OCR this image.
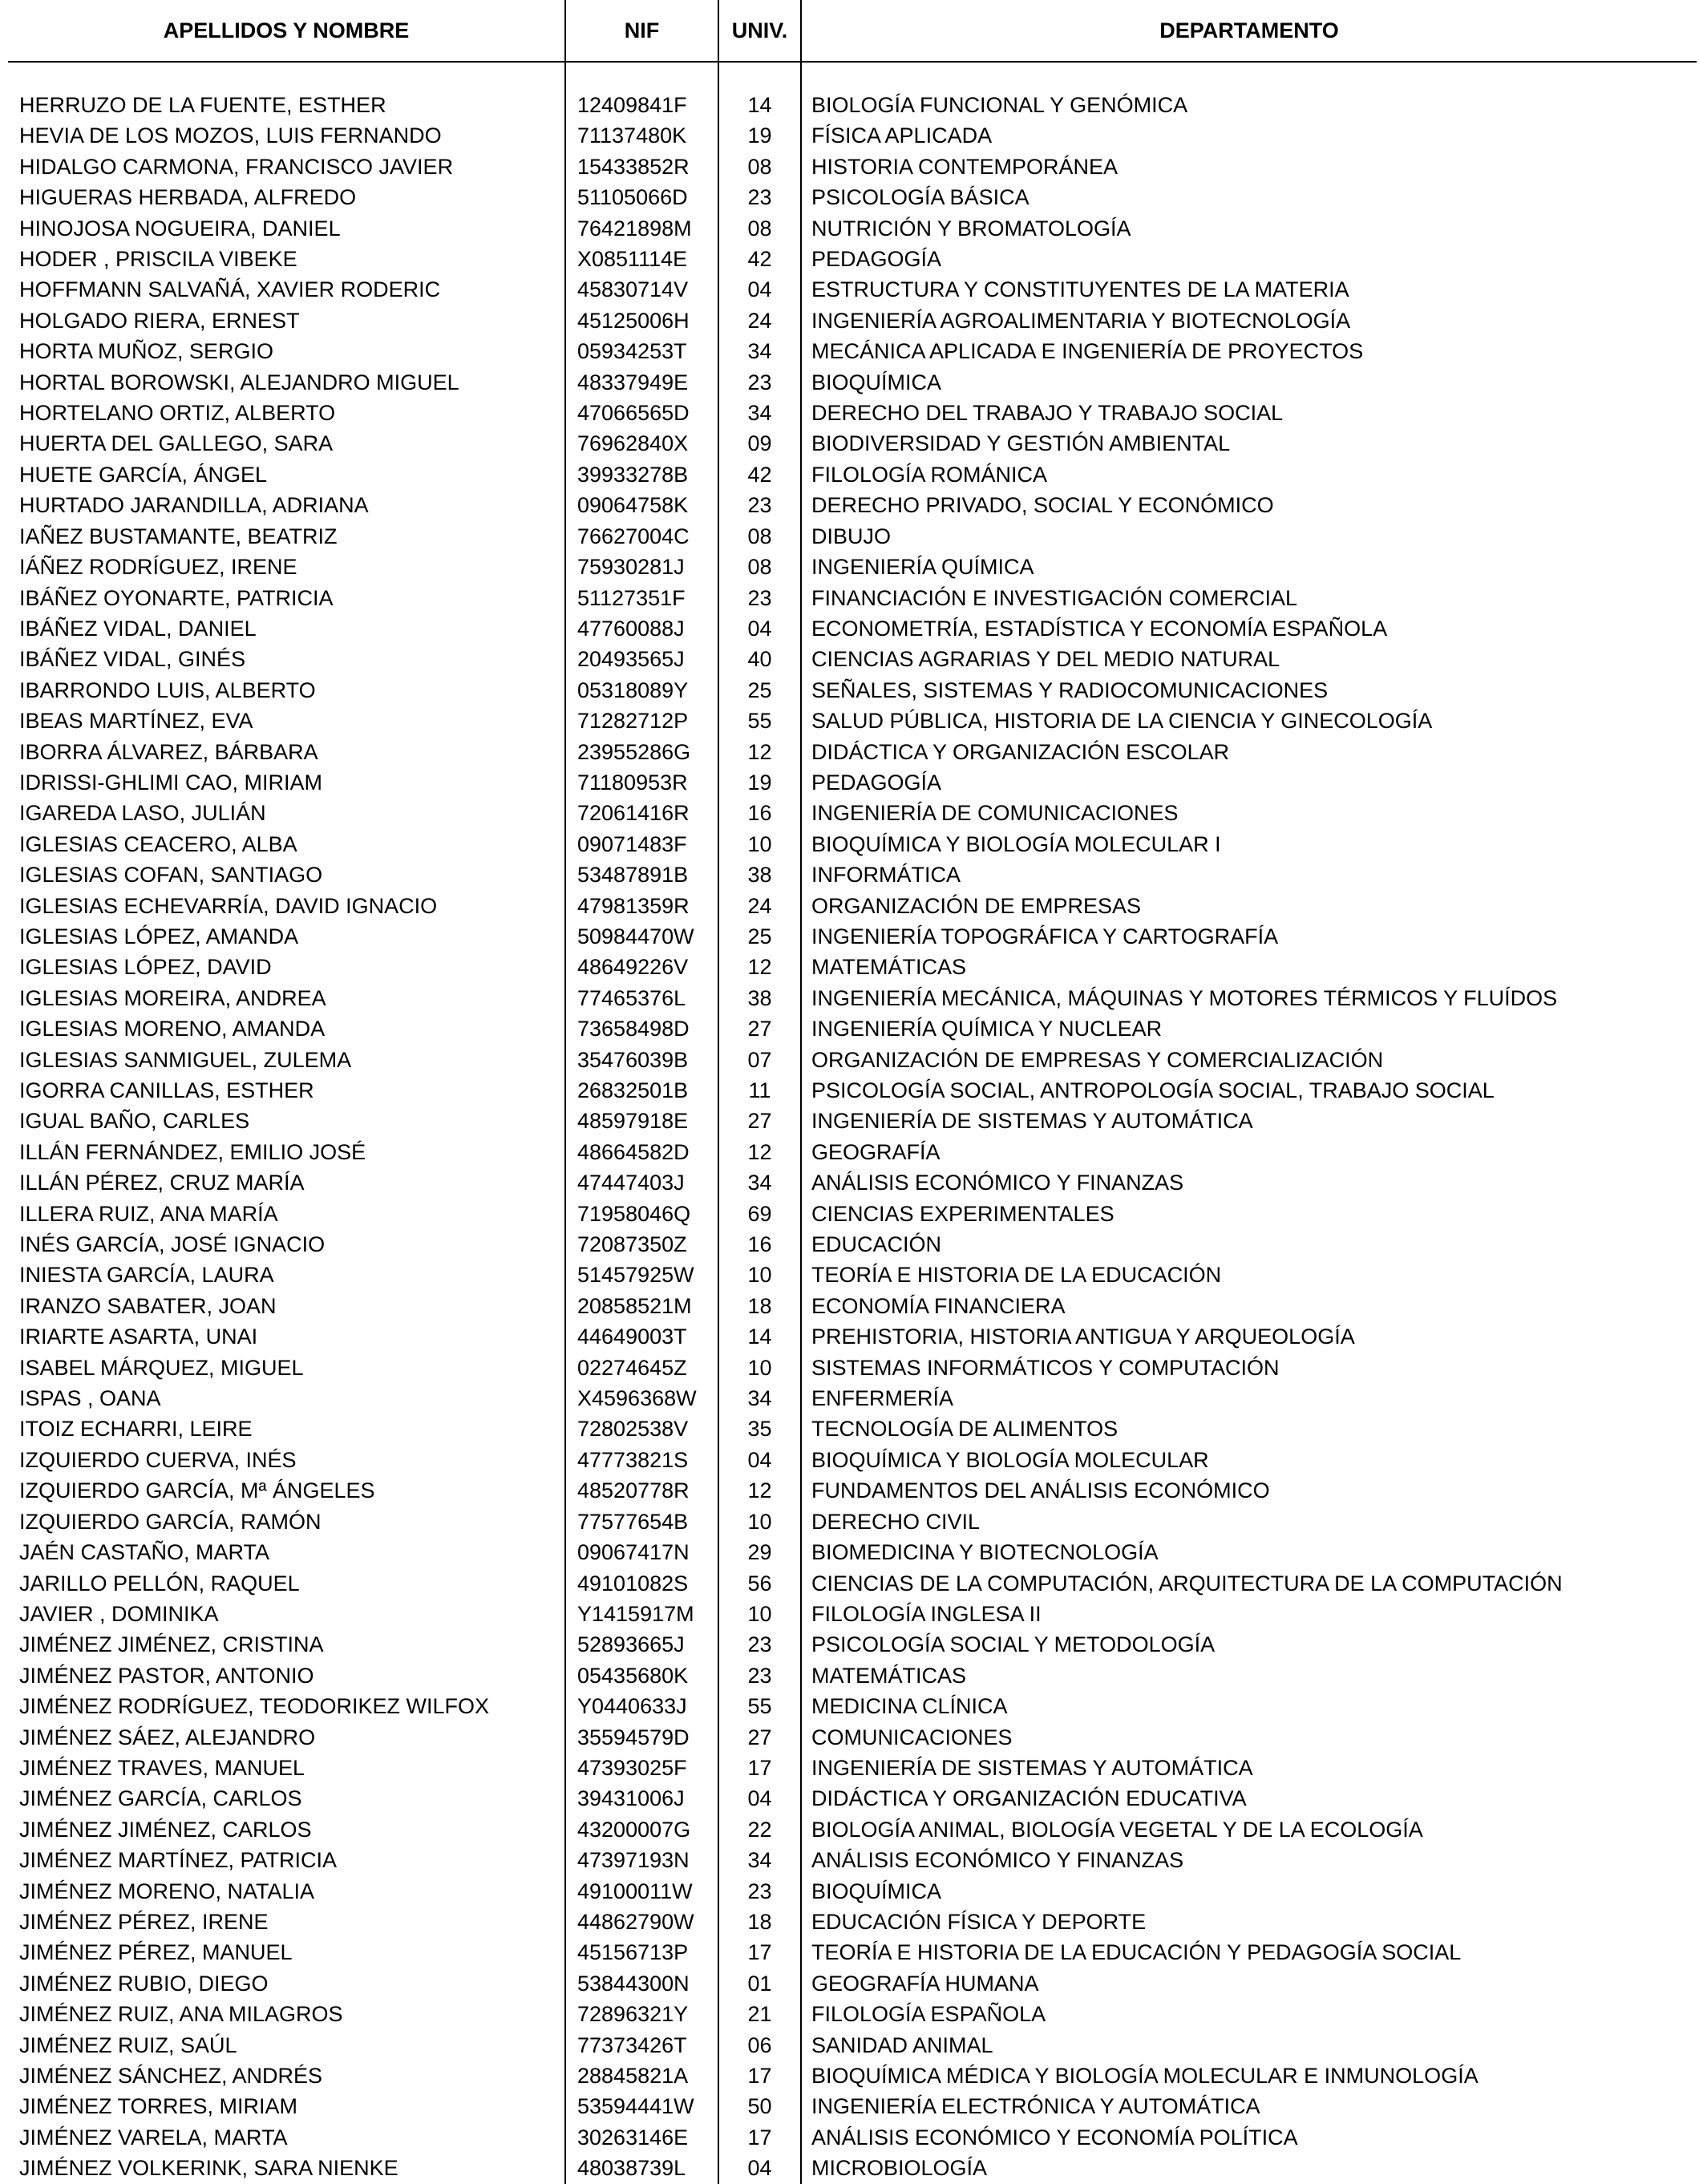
APELLIDOS Y NOMBRE	NIF	UNIV.	DEPARTAMENTO

HERRUZO DE LA FUENTE, ESTHER	12409841F	14	BIOLOGÍA FUNCIONAL Y GENÓMICA
HEVIA DE LOS MOZOS, LUIS FERNANDO	71137480K	19	FÍSICA APLICADA
HIDALGO CARMONA, FRANCISCO JAVIER	15433852R	08	HISTORIA CONTEMPORÁNEA
HIGUERAS HERBADA, ALFREDO	51105066D	23	PSICOLOGÍA BÁSICA
HINOJOSA NOGUEIRA, DANIEL	76421898M	08	NUTRICIÓN Y BROMATOLOGÍA
HODER , PRISCILA VIBEKE	X0851114E	42	PEDAGOGÍA
HOFFMANN SALVAÑÁ, XAVIER RODERIC	45830714V	04	ESTRUCTURA Y CONSTITUYENTES DE LA MATERIA
HOLGADO RIERA, ERNEST	45125006H	24	INGENIERÍA AGROALIMENTARIA Y BIOTECNOLOGÍA
HORTA MUÑOZ, SERGIO	05934253T	34	MECÁNICA APLICADA E INGENIERÍA DE PROYECTOS
HORTAL BOROWSKI, ALEJANDRO MIGUEL	48337949E	23	BIOQUÍMICA
HORTELANO ORTIZ, ALBERTO	47066565D	34	DERECHO DEL TRABAJO Y TRABAJO SOCIAL
HUERTA DEL GALLEGO, SARA	76962840X	09	BIODIVERSIDAD Y GESTIÓN AMBIENTAL
HUETE GARCÍA, ÁNGEL	39933278B	42	FILOLOGÍA ROMÁNICA
HURTADO JARANDILLA, ADRIANA	09064758K	23	DERECHO PRIVADO, SOCIAL Y ECONÓMICO
IAÑEZ BUSTAMANTE, BEATRIZ	76627004C	08	DIBUJO
IÁÑEZ RODRÍGUEZ, IRENE	75930281J	08	INGENIERÍA QUÍMICA
IBÁÑEZ OYONARTE, PATRICIA	51127351F	23	FINANCIACIÓN E INVESTIGACIÓN COMERCIAL
IBÁÑEZ VIDAL, DANIEL	47760088J	04	ECONOMETRÍA, ESTADÍSTICA Y ECONOMÍA ESPAÑOLA
IBÁÑEZ VIDAL, GINÉS	20493565J	40	CIENCIAS AGRARIAS Y DEL MEDIO NATURAL
IBARRONDO LUIS, ALBERTO	05318089Y	25	SEÑALES, SISTEMAS Y RADIOCOMUNICACIONES
IBEAS MARTÍNEZ, EVA	71282712P	55	SALUD PÚBLICA, HISTORIA DE LA CIENCIA Y GINECOLOGÍA
IBORRA ÁLVAREZ, BÁRBARA	23955286G	12	DIDÁCTICA Y ORGANIZACIÓN ESCOLAR
IDRISSI-GHLIMI CAO, MIRIAM	71180953R	19	PEDAGOGÍA
IGAREDA LASO, JULIÁN	72061416R	16	INGENIERÍA DE COMUNICACIONES
IGLESIAS CEACERO, ALBA	09071483F	10	BIOQUÍMICA Y BIOLOGÍA MOLECULAR I
IGLESIAS COFAN, SANTIAGO	53487891B	38	INFORMÁTICA
IGLESIAS ECHEVARRÍA, DAVID IGNACIO	47981359R	24	ORGANIZACIÓN DE EMPRESAS
IGLESIAS LÓPEZ, AMANDA	50984470W	25	INGENIERÍA TOPOGRÁFICA Y CARTOGRAFÍA
IGLESIAS LÓPEZ, DAVID	48649226V	12	MATEMÁTICAS
IGLESIAS MOREIRA, ANDREA	77465376L	38	INGENIERÍA MECÁNICA, MÁQUINAS Y MOTORES TÉRMICOS Y FLUÍDOS
IGLESIAS MORENO, AMANDA	73658498D	27	INGENIERÍA QUÍMICA Y NUCLEAR
IGLESIAS SANMIGUEL, ZULEMA	35476039B	07	ORGANIZACIÓN DE EMPRESAS Y COMERCIALIZACIÓN
IGORRA CANILLAS, ESTHER	26832501B	11	PSICOLOGÍA SOCIAL, ANTROPOLOGÍA SOCIAL, TRABAJO SOCIAL
IGUAL BAÑO, CARLES	48597918E	27	INGENIERÍA DE SISTEMAS Y AUTOMÁTICA
ILLÁN FERNÁNDEZ, EMILIO JOSÉ	48664582D	12	GEOGRAFÍA
ILLÁN PÉREZ, CRUZ MARÍA	47447403J	34	ANÁLISIS ECONÓMICO Y FINANZAS
ILLERA RUIZ, ANA MARÍA	71958046Q	69	CIENCIAS EXPERIMENTALES
INÉS GARCÍA, JOSÉ IGNACIO	72087350Z	16	EDUCACIÓN
INIESTA GARCÍA, LAURA	51457925W	10	TEORÍA E HISTORIA DE LA EDUCACIÓN
IRANZO SABATER, JOAN	20858521M	18	ECONOMÍA FINANCIERA
IRIARTE ASARTA, UNAI	44649003T	14	PREHISTORIA, HISTORIA ANTIGUA Y ARQUEOLOGÍA
ISABEL MÁRQUEZ, MIGUEL	02274645Z	10	SISTEMAS INFORMÁTICOS Y COMPUTACIÓN
ISPAS , OANA	X4596368W	34	ENFERMERÍA
ITOIZ ECHARRI, LEIRE	72802538V	35	TECNOLOGÍA DE ALIMENTOS
IZQUIERDO CUERVA, INÉS	47773821S	04	BIOQUÍMICA Y BIOLOGÍA MOLECULAR
IZQUIERDO GARCÍA, Mª ÁNGELES	48520778R	12	FUNDAMENTOS DEL ANÁLISIS ECONÓMICO
IZQUIERDO GARCÍA, RAMÓN	77577654B	10	DERECHO CIVIL
JAÉN CASTAÑO, MARTA	09067417N	29	BIOMEDICINA Y BIOTECNOLOGÍA
JARILLO PELLÓN, RAQUEL	49101082S	56	CIENCIAS DE LA COMPUTACIÓN, ARQUITECTURA DE LA COMPUTACIÓN
JAVIER , DOMINIKA	Y1415917M	10	FILOLOGÍA INGLESA II
JIMÉNEZ JIMÉNEZ, CRISTINA	52893665J	23	PSICOLOGÍA SOCIAL Y METODOLOGÍA
JIMÉNEZ PASTOR, ANTONIO	05435680K	23	MATEMÁTICAS
JIMÉNEZ RODRÍGUEZ, TEODORIKEZ WILFOX	Y0440633J	55	MEDICINA CLÍNICA
JIMÉNEZ SÁEZ, ALEJANDRO	35594579D	27	COMUNICACIONES
JIMÉNEZ TRAVES, MANUEL	47393025F	17	INGENIERÍA DE SISTEMAS Y AUTOMÁTICA
JIMÉNEZ GARCÍA, CARLOS	39431006J	04	DIDÁCTICA Y ORGANIZACIÓN EDUCATIVA
JIMÉNEZ JIMÉNEZ, CARLOS	43200007G	22	BIOLOGÍA ANIMAL, BIOLOGÍA VEGETAL Y DE LA ECOLOGÍA
JIMÉNEZ MARTÍNEZ, PATRICIA	47397193N	34	ANÁLISIS ECONÓMICO Y FINANZAS
JIMÉNEZ MORENO, NATALIA	49100011W	23	BIOQUÍMICA
JIMÉNEZ PÉREZ, IRENE	44862790W	18	EDUCACIÓN FÍSICA Y DEPORTE
JIMÉNEZ PÉREZ, MANUEL	45156713P	17	TEORÍA E HISTORIA DE LA EDUCACIÓN Y PEDAGOGÍA SOCIAL
JIMÉNEZ RUBIO, DIEGO	53844300N	01	GEOGRAFÍA HUMANA
JIMÉNEZ RUIZ, ANA MILAGROS	72896321Y	21	FILOLOGÍA ESPAÑOLA
JIMÉNEZ RUIZ, SAÚL	77373426T	06	SANIDAD ANIMAL
JIMÉNEZ SÁNCHEZ, ANDRÉS	28845821A	17	BIOQUÍMICA MÉDICA Y BIOLOGÍA MOLECULAR E INMUNOLOGÍA
JIMÉNEZ TORRES, MIRIAM	53594441W	50	INGENIERÍA ELECTRÓNICA Y AUTOMÁTICA
JIMÉNEZ VARELA, MARTA	30263146E	17	ANÁLISIS ECONÓMICO Y ECONOMÍA POLÍTICA
JIMÉNEZ VOLKERINK, SARA NIENKE	48038739L	04	MICROBIOLOGÍA
